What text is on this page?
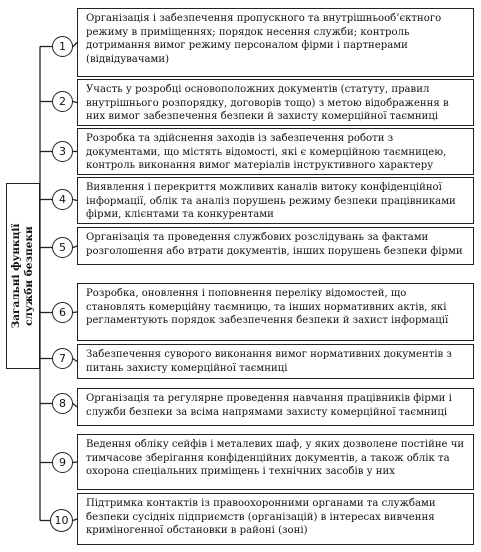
Загальні функції служби безпеки
1
Організація і забезпечення пропускного та внутрішньооб’єктного режиму в приміщеннях; порядок несення служби; контроль дотримання вимог режиму персоналом фірми і партнерами (відвідувачами)
2
Участь у розробці основоположних документів (статуту, правил внутрішнього розпорядку, договорів тощо) з метою відображення в них вимог забезпечення безпеки й захисту комерційної таємниці
3
Розробка та здійснення заходів із забезпечення роботи з документами, що містять відомості, які є комерційною таємницею, контроль виконання вимог матеріалів інструктивного характеру
4
Виявлення і перекриття можливих каналів витоку конфіденційної інформації, облік та аналіз порушень режиму безпеки працівниками фірми, клієнтами та конкурентами
5
Організація та проведення службових розслідувань за фактами розголошення або втрати документів, інших порушень безпеки фірми
6
Розробка, оновлення і поповнення переліку відомостей, що становлять комерційну таємницю, та інших нормативних актів, які регламентують порядок забезпечення безпеки й захист інформації
7	Забезпечення суворого виконання вимог нормативних документів з питань захисту комерційної таємниці
8	Організація та регулярне проведення навчання працівників фірми і служби безпеки за всіма напрямами захисту комерційної таємниці
9
Ведення обліку сейфів і металевих шаф, у яких дозволене постійне чи тимчасове зберігання конфіденційних документів, а також облік та охорона спеціальних приміщень і технічних засобів у них
10
Підтримка контактів із правоохоронними органами та службами безпеки сусідніх підприємств (організацій) в інтересах вивчення криміногенної обстановки в районі (зоні)
